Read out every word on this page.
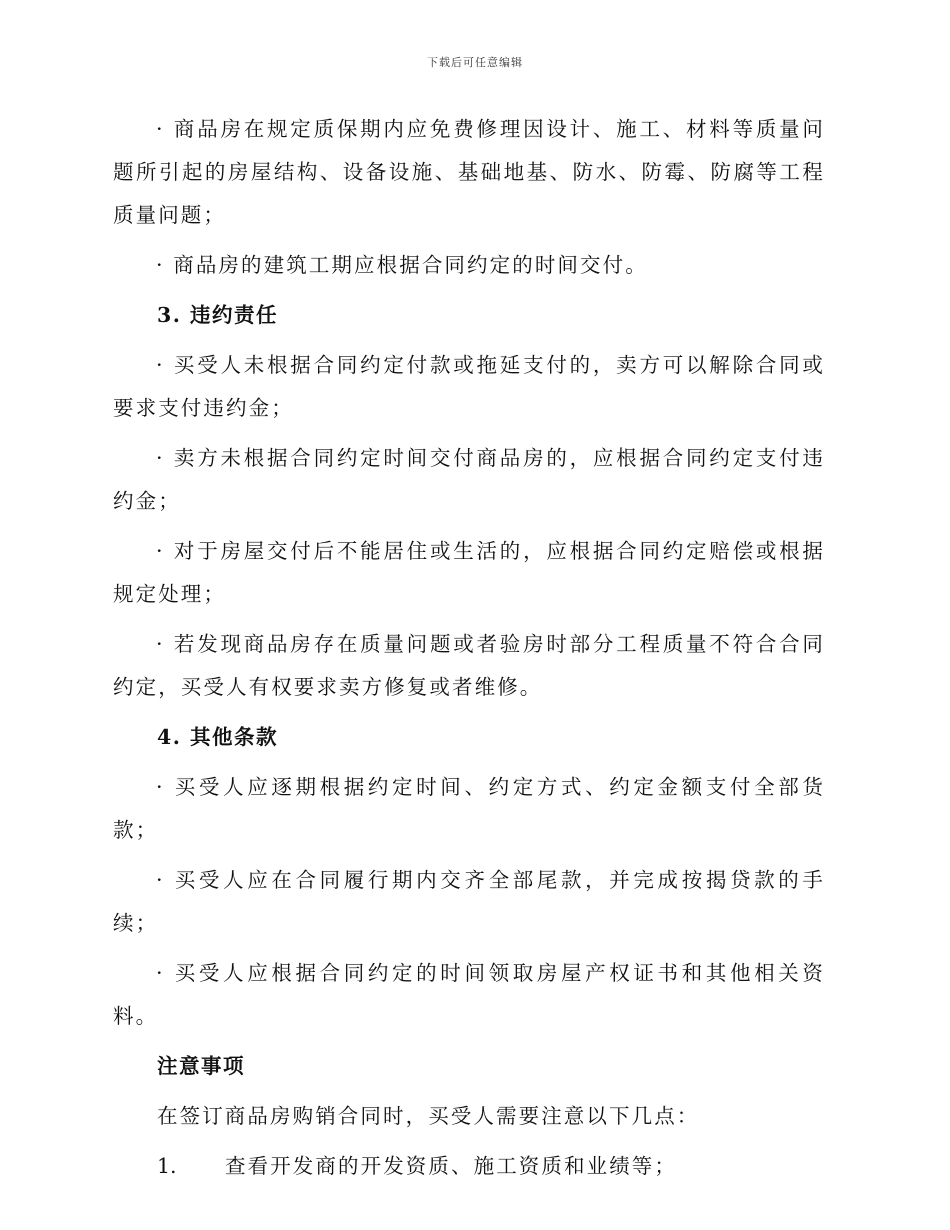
下载后可任意编辑

· 商品房在规定质保期内应免费修理因设计、施工、材料等质量问题所引起的房屋结构、设备设施、基础地基、防水、防霉、防腐等工程质量问题；

· 商品房的建筑工期应根据合同约定的时间交付。

3. 违约责任

· 买受人未根据合同约定付款或拖延支付的，卖方可以解除合同或要求支付违约金；

· 卖方未根据合同约定时间交付商品房的，应根据合同约定支付违约金；

· 对于房屋交付后不能居住或生活的，应根据合同约定赔偿或根据规定处理；

· 若发现商品房存在质量问题或者验房时部分工程质量不符合合同约定，买受人有权要求卖方修复或者维修。

4. 其他条款

· 买受人应逐期根据约定时间、约定方式、约定金额支付全部货款；

· 买受人应在合同履行期内交齐全部尾款，并完成按揭贷款的手续；

· 买受人应根据合同约定的时间领取房屋产权证书和其他相关资料。

注意事项

在签订商品房购销合同时，买受人需要注意以下几点：

1.	查看开发商的开发资质、施工资质和业绩等；
